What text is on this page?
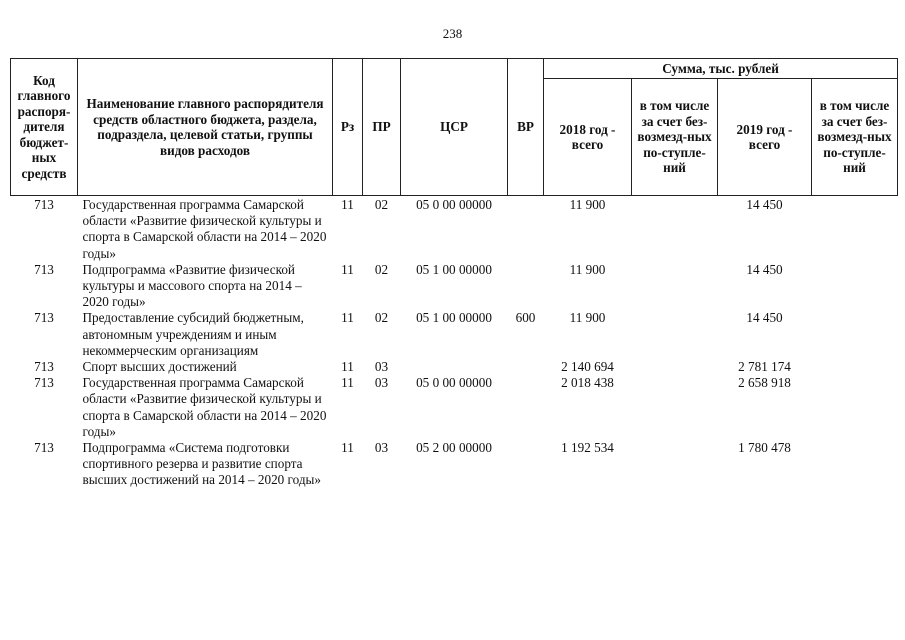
238
Код главного распоря-дителя бюджет-ных средств	Наименование главного распорядителя средств областного бюджета, раздела, подраздела, целевой статьи, группы видов расходов	Рз	ПР	ЦСР	ВР	Сумма, тыс. рублей			
						2018 год - всего	в том числе за счет без-возмезд-ных по-ступле-ний	2019 год - всего	в том числе за счет без-возмезд-ных по-ступле-ний
713	Государственная программа Самарской области «Развитие физической культуры и спорта в Самарской области на 2014 – 2020 годы»	11	02	05 0 00 00000		11 900		14 450	
713	Подпрограмма «Развитие физической культуры и массового спорта на 2014 – 2020 годы»	11	02	05 1 00 00000		11 900		14 450	
713	Предоставление субсидий бюджетным, автономным учреждениям и иным некоммерческим организациям	11	02	05 1 00 00000	600	11 900		14 450	
713	Спорт высших достижений	11	03			2 140 694		2 781 174	
713	Государственная программа Самарской области «Развитие физической культуры и спорта в Самарской области на 2014 – 2020 годы»	11	03	05 0 00 00000		2 018 438		2 658 918	
713	Подпрограмма «Система подготовки спортивного резерва и развитие спорта высших достижений на 2014 – 2020 годы»	11	03	05 2 00 00000		1 192 534		1 780 478	
